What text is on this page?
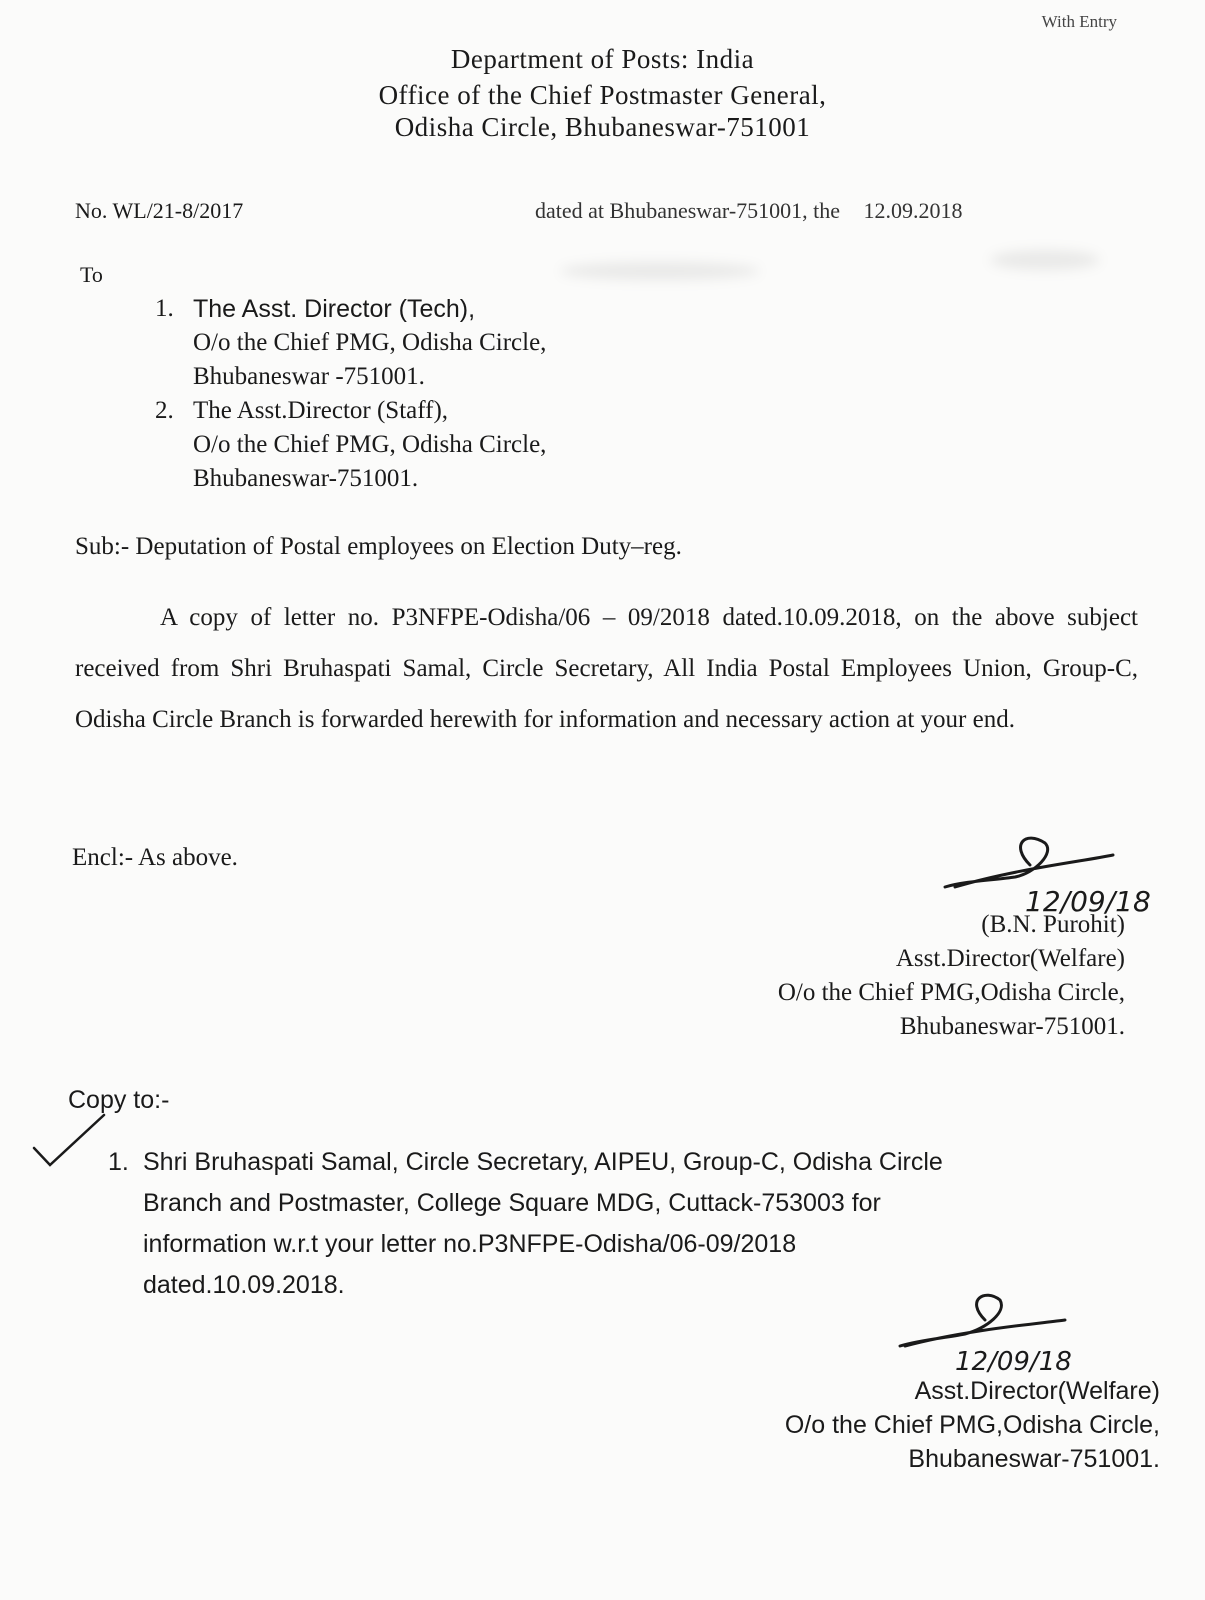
With Entry
Department of Posts: India
Office of the Chief Postmaster General,
Odisha Circle, Bhubaneswar-751001
No. WL/21-8/2017	dated at Bhubaneswar-751001, the 12.09.2018
To
1. The Asst. Director (Tech),
O/o the Chief PMG, Odisha Circle,
Bhubaneswar -751001.
2. The Asst.Director (Staff),
O/o the Chief PMG, Odisha Circle,
Bhubaneswar-751001.
Sub:- Deputation of Postal employees on Election Duty–reg.
A copy of letter no. P3NFPE-Odisha/06 – 09/2018 dated.10.09.2018, on the above subject received from Shri Bruhaspati Samal, Circle Secretary, All India Postal Employees Union, Group-C, Odisha Circle Branch is forwarded herewith for information and necessary action at your end.
Encl:- As above.
12/09/18
(B.N. Purohit)
Asst.Director(Welfare)
O/o the Chief PMG,Odisha Circle,
Bhubaneswar-751001.
Copy to:-
1. Shri Bruhaspati Samal, Circle Secretary, AIPEU, Group-C, Odisha Circle
Branch and Postmaster, College Square MDG, Cuttack-753003 for
information w.r.t your letter no.P3NFPE-Odisha/06-09/2018
dated.10.09.2018.
12/09/18
Asst.Director(Welfare)
O/o the Chief PMG,Odisha Circle,
Bhubaneswar-751001.
